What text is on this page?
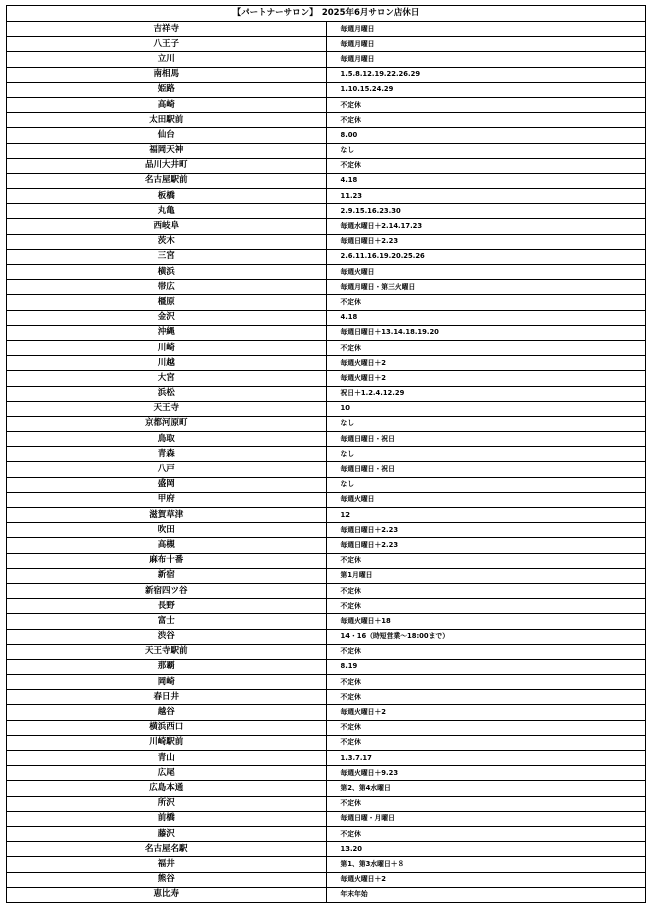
【パートナーサロン】　2025年6月サロン店休日	
吉祥寺	毎週月曜日
八王子	毎週月曜日
立川	毎週月曜日
南相馬	1.5.8.12.19.22.26.29
姫路	1.10.15.24.29
高崎	不定休
太田駅前	不定休
仙台	8.00
福岡天神	なし
品川大井町	不定休
名古屋駅前	4.18
板橋	11.23
丸亀	2.9.15.16.23.30
西岐阜	毎週水曜日＋2.14.17.23
茨木	毎週日曜日＋2.23
三宮	2.6.11.16.19.20.25.26
横浜	毎週火曜日
帯広	毎週月曜日・第三火曜日
橿原	不定休
金沢	4.18
沖縄	毎週日曜日＋13.14.18.19.20
川崎	不定休
川越	毎週火曜日＋2
大宮	毎週火曜日＋2
浜松	祝日＋1.2.4.12.29
天王寺	10
京都河原町	なし
鳥取	毎週日曜日・祝日
青森	なし
八戸	毎週日曜日・祝日
盛岡	なし
甲府	毎週火曜日
滋賀草津	12
吹田	毎週日曜日＋2.23
高槻	毎週日曜日＋2.23
麻布十番	不定休
新宿	第1月曜日
新宿四ツ谷	不定休
長野	不定休
富士	毎週火曜日＋18
渋谷	14・16（時短営業～18:00まで）
天王寺駅前	不定休
那覇	8.19
岡崎	不定休
春日井	不定休
越谷	毎週火曜日＋2
横浜西口	不定休
川崎駅前	不定休
青山	1.3.7.17
広尾	毎週火曜日＋9.23
広島本通	第2、第4水曜日
所沢	不定休
前橋	毎週日曜・月曜日
藤沢	不定休
名古屋名駅	13.20
福井	第1、第3水曜日＋８
熊谷	毎週火曜日＋2
恵比寿	年末年始
